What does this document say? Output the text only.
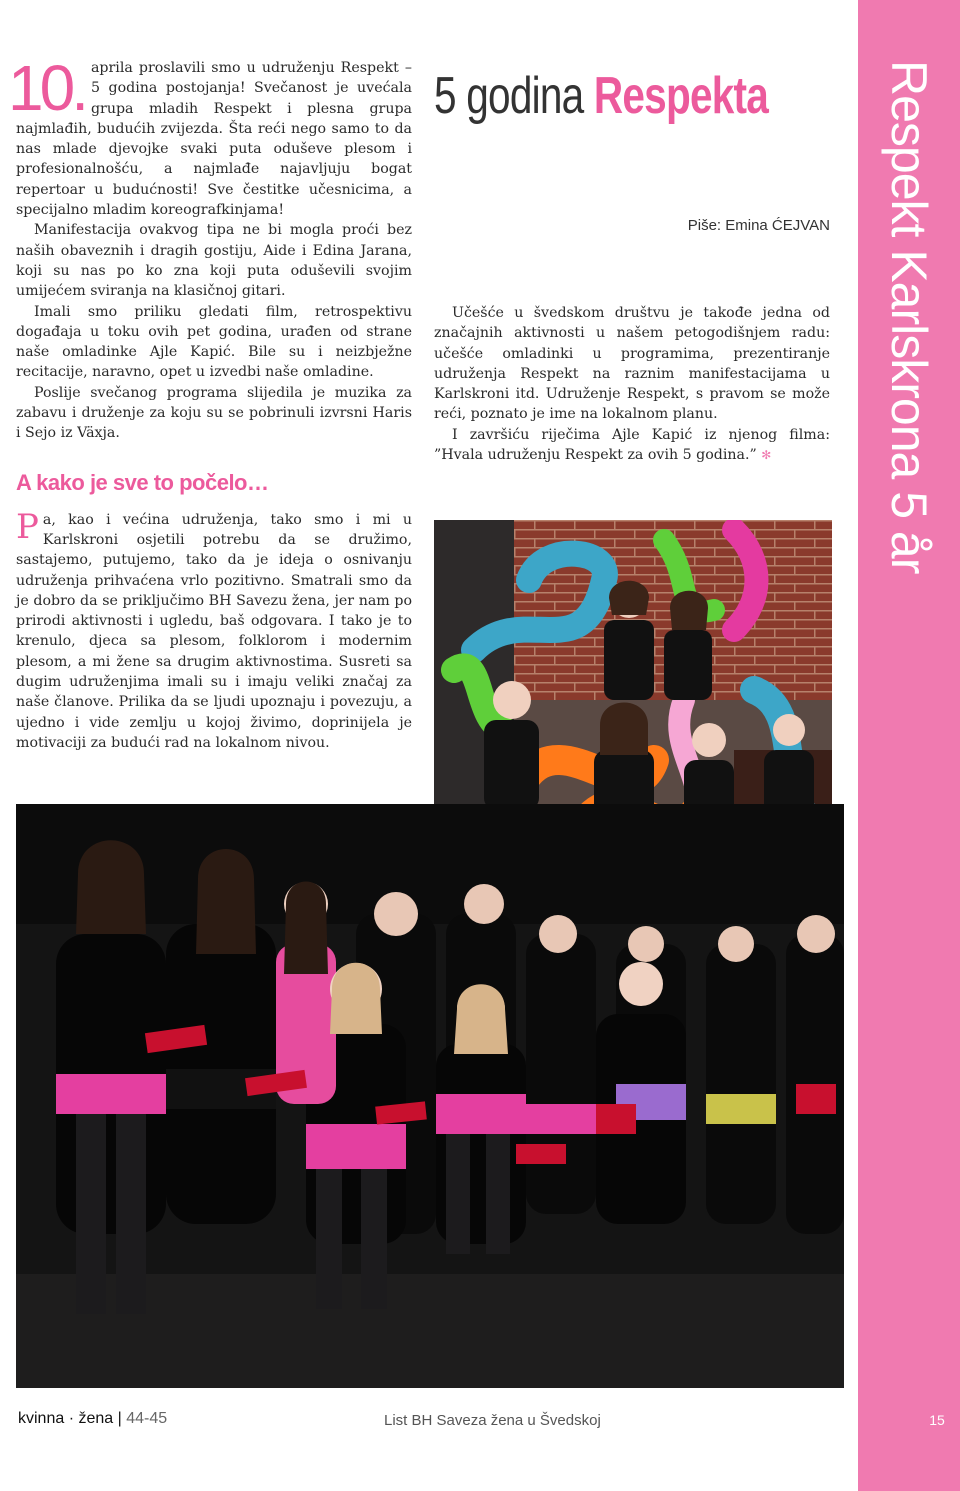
Respekt Karlskrona 5 år
15
10. aprila proslavili smo u udruženju Respekt – 5 godina postojanja! Svečanost je uvećala grupa mladih Respekt i plesna grupa najmlađih, budućih zvijezda. Šta reći nego samo to da nas mlade djevojke svaki puta oduševe plesom i profesionalnošću, a najmlađe najavljuju bogat repertoar u budućnosti! Sve čestitke učesnicima, a specijalno mladim koreografkinjama!

Manifestacija ovakvog tipa ne bi mogla proći bez naših obaveznih i dragih gostiju, Aide i Edina Jarana, koji su nas po ko zna koji puta oduševili svojim umijećem sviranja na klasičnoj gitari.

Imali smo priliku gledati film, retrospektivu događaja u toku ovih pet godina, urađen od strane naše omladinke Ajle Kapić. Bile su i neizbježne recitacije, naravno, opet u izvedbi naše omladine.

Poslije svečanog programa slijedila je muzika za zabavu i druženje za koju su se pobrinuli izvrsni Haris i Sejo iz Växja.

A kako je sve to počelo…
P a, kao i većina udruženja, tako smo i mi u Karlskroni osjetili potrebu da se družimo, sastajemo, putujemo, tako da je ideja o osnivanju udruženja prihvaćena vrlo pozitivno. Smatrali smo da je dobro da se priključimo BH Savezu žena, jer nam po prirodi aktivnosti i ugledu, baš odgovara. I tako je to krenulo, djeca sa plesom, folklorom i modernim plesom, a mi žene sa drugim aktivnostima. Susreti sa dugim udruženjima imali su i imaju veliki značaj za naše članove. Prilika da se ljudi upoznaju i povezuju, a ujedno i vide zemlju u kojoj živimo, doprinijela je motivaciji za budući rad na lokalnom nivou.

5 godina Respekta
Piše: Emina ĆEJVAN

Učešće u švedskom društvu je takođe jedna od značajnih aktivnosti u našem petogodišnjem radu: učešće omladinki u programima, prezentiranje udruženja Respekt na raznim manifestacijama u Karlskroni itd. Udruženje Respekt, s pravom se može reći, poznato je ime na lokalnom planu.

I završiću riječima Ajle Kapić iz njenog filma: ”Hvala udruženju Respekt za ovih 5 godina.” ✻

kvinna · žena | 44-45	List BH Saveza žena u Švedskoj
